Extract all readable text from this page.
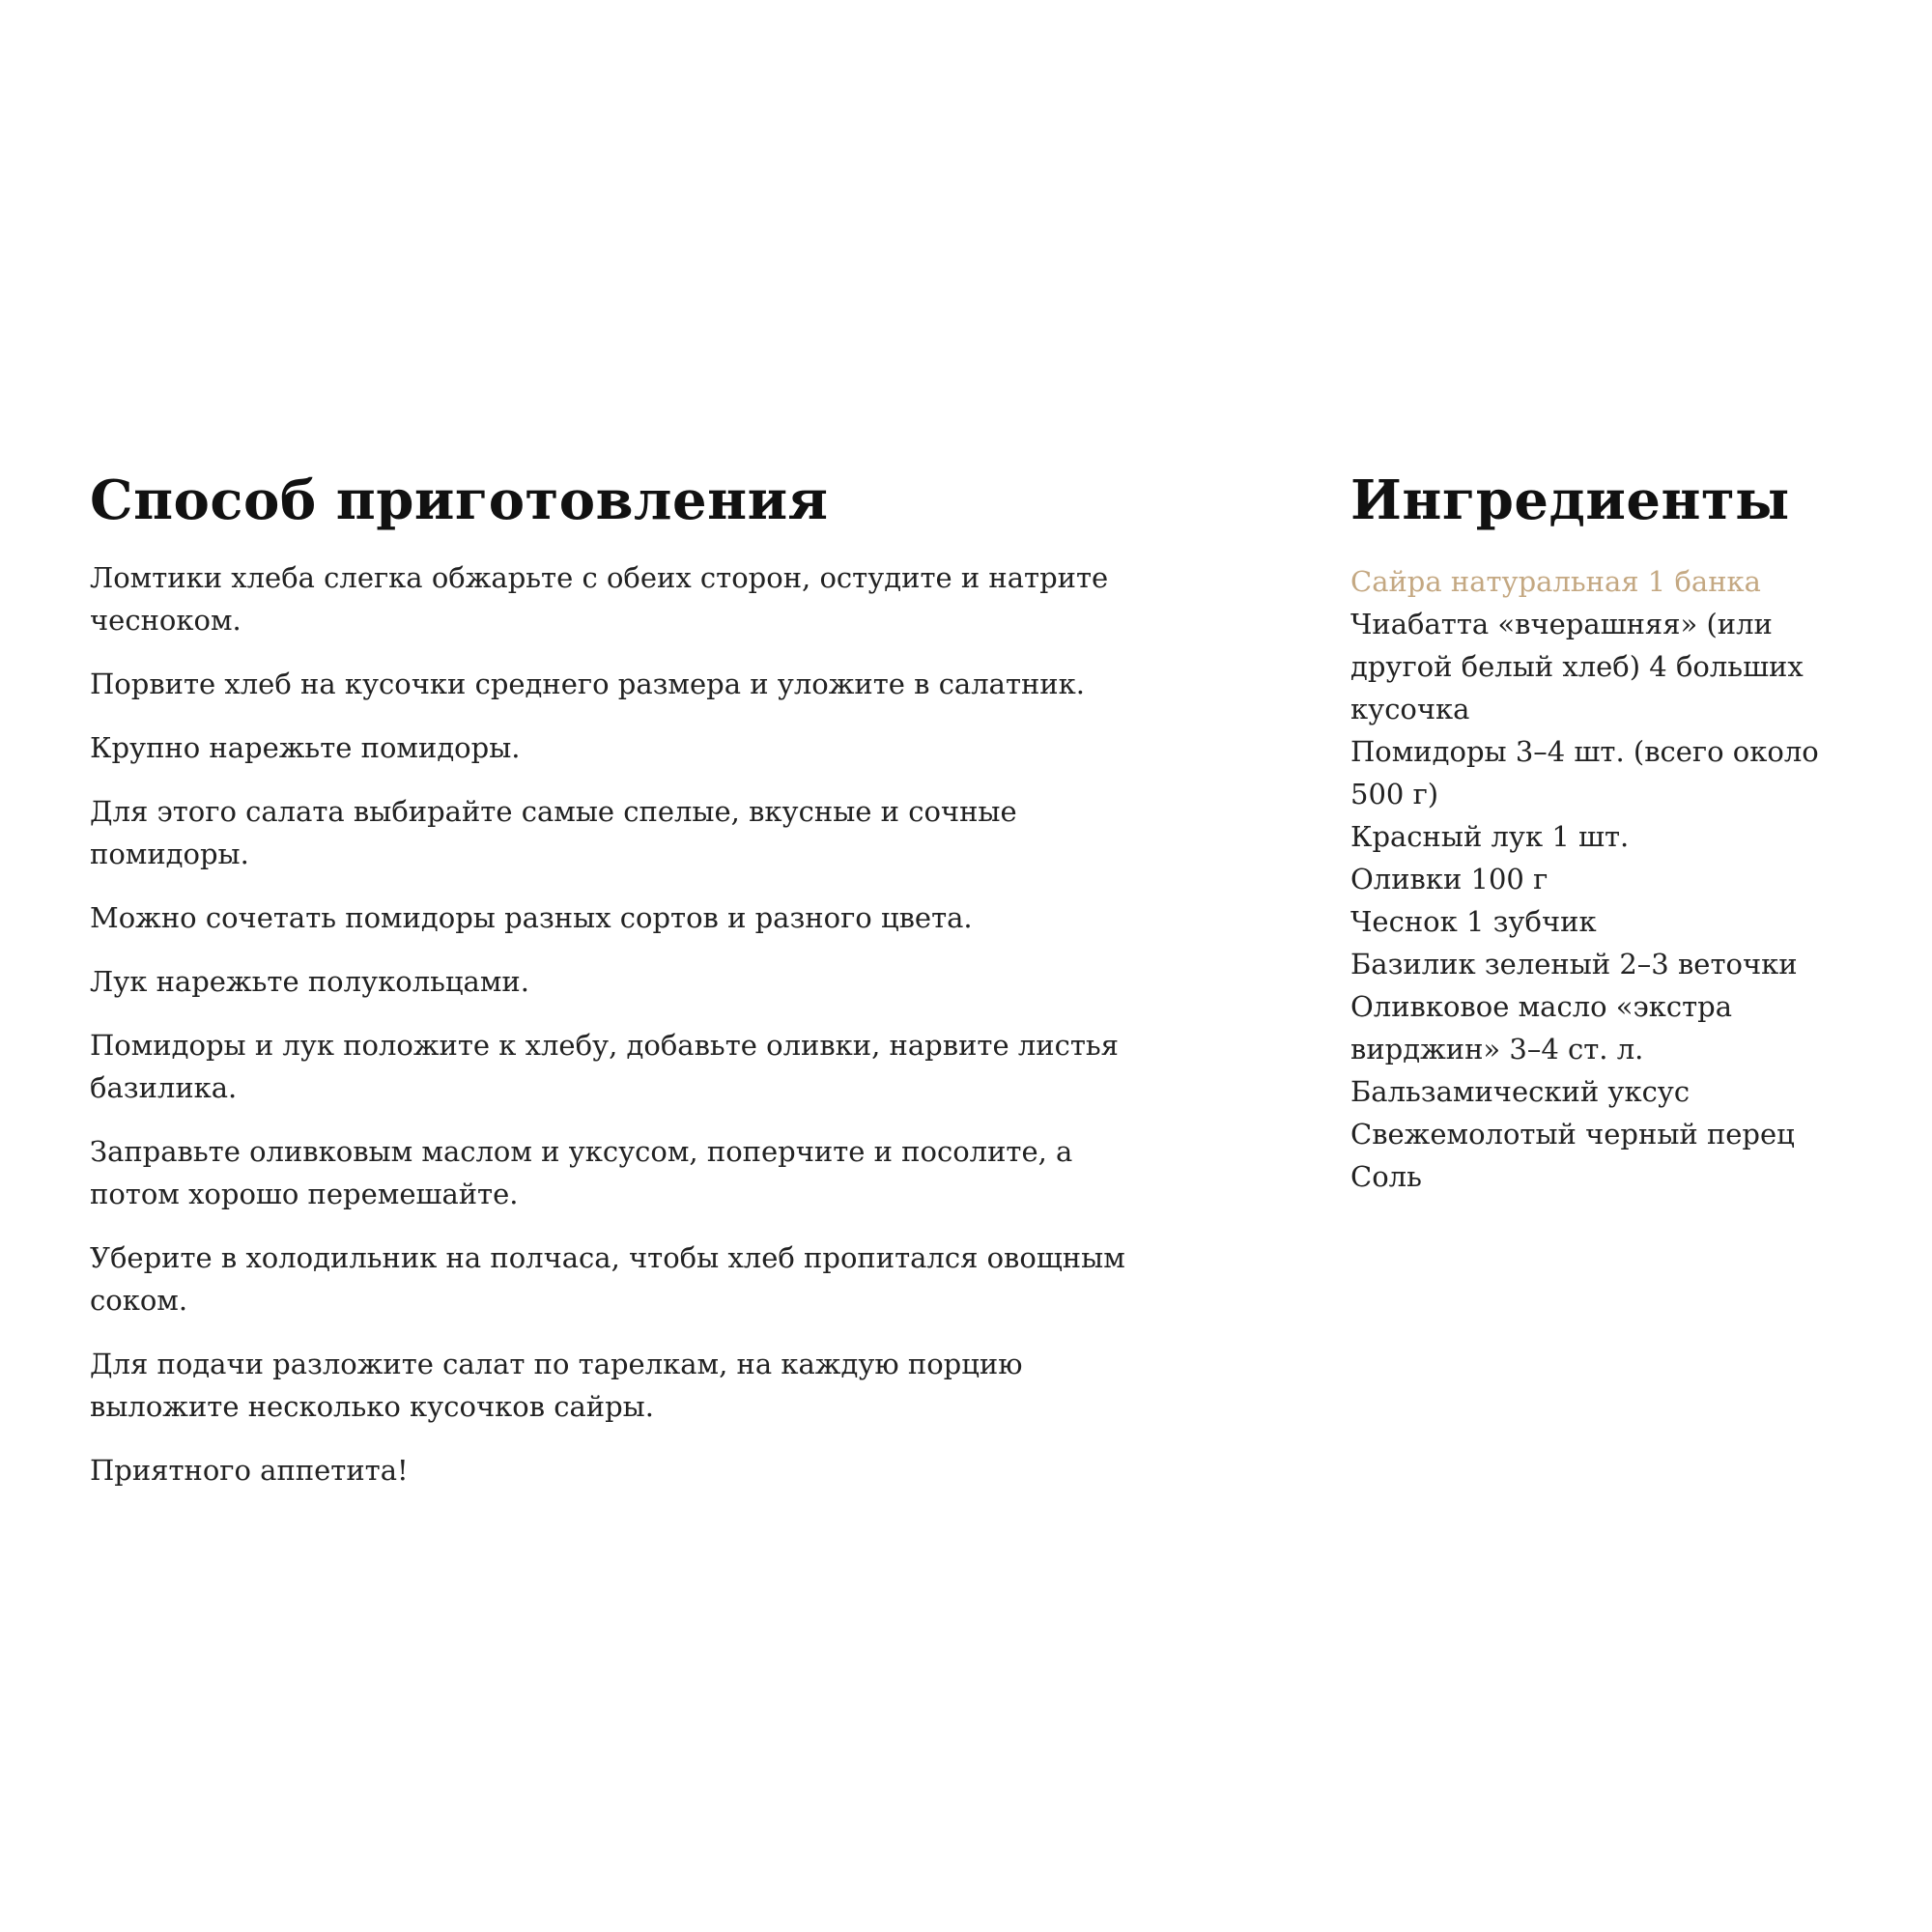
Способ приготовления

Ломтики хлеба слегка обжарьте с обеих сторон, остудите и натрите чесноком.

Порвите хлеб на кусочки среднего размера и уложите в салатник.

Крупно нарежьте помидоры.

Для этого салата выбирайте самые спелые, вкусные и сочные помидоры.

Можно сочетать помидоры разных сортов и разного цвета.

Лук нарежьте полукольцами.

Помидоры и лук положите к хлебу, добавьте оливки, нарвите листья базилика.

Заправьте оливковым маслом и уксусом, поперчите и посолите, а потом хорошо перемешайте.

Уберите в холодильник на полчаса, чтобы хлеб пропитался овощным соком.

Для подачи разложите салат по тарелкам, на каждую порцию выложите несколько кусочков сайры.

Приятного аппетита!

Ингредиенты
Сайра натуральная 1 банка
Чиабатта «вчерашняя» (или другой белый хлеб) 4 больших кусочка
Помидоры 3–4 шт. (всего около 500 г)
Красный лук 1 шт.
Оливки 100 г
Чеснок 1 зубчик
Базилик зеленый 2–3 веточки
Оливковое масло «экстра вирджин» 3–4 ст. л.
Бальзамический уксус
Свежемолотый черный перец
Соль
